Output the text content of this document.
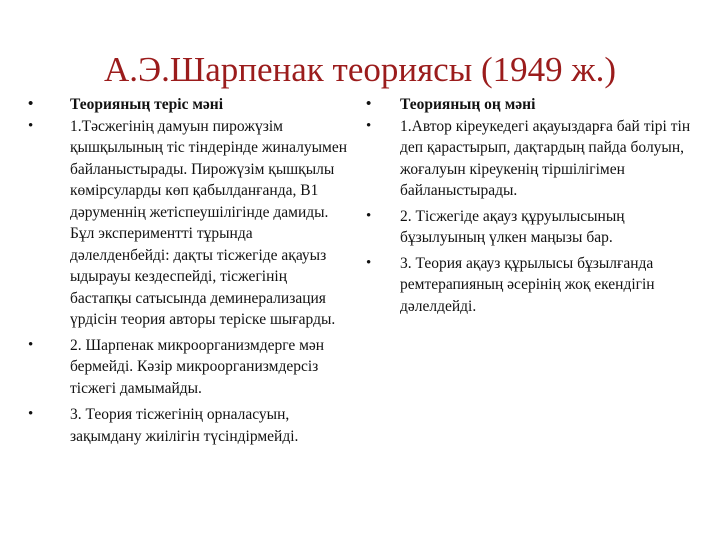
А.Э.Шарпенак теориясы (1949 ж.)
•	Теорияның теріс мәні
•	1.Тәсжегінің дамуын пирожүзім қышқылының тіс тіндерінде жиналуымен байланыстырады. Пирожүзім қышқылы көмірсуларды көп қабылданғанда, В1 дәруменнің жетіспеушілігінде дамиды. Бұл эксперименттi тұрында дәлелденбейді: дақты тісжегіде ақауыз ыдырауы кездеспейді, тісжегінің бастапқы сатысында деминерализация үрдісін теория авторы теріске шығарды.
•	2. Шарпенак микроорганизмдерге мән бермейді. Кәзір микроорганизмдерсіз тісжегі дамымайды.
•	3. Теория тісжегінің орналасуын, зақымдану жиілігін түсіндірмейді.
•	Теорияның оң мәні
•	1.Автор кіреукедегі ақауыздарға бай тірі тін деп қарастырып, дақтардың пайда болуын, жоғалуын кіреукенің тіршілігімен байланыстырады.
•	2. Тісжегіде ақауз құруылысының бұзылуының үлкен маңызы бар.
•	3. Теория ақауз құрылысы бұзылғанда ремтерапияның әсерінің жоқ екендігін дәлелдейді.
